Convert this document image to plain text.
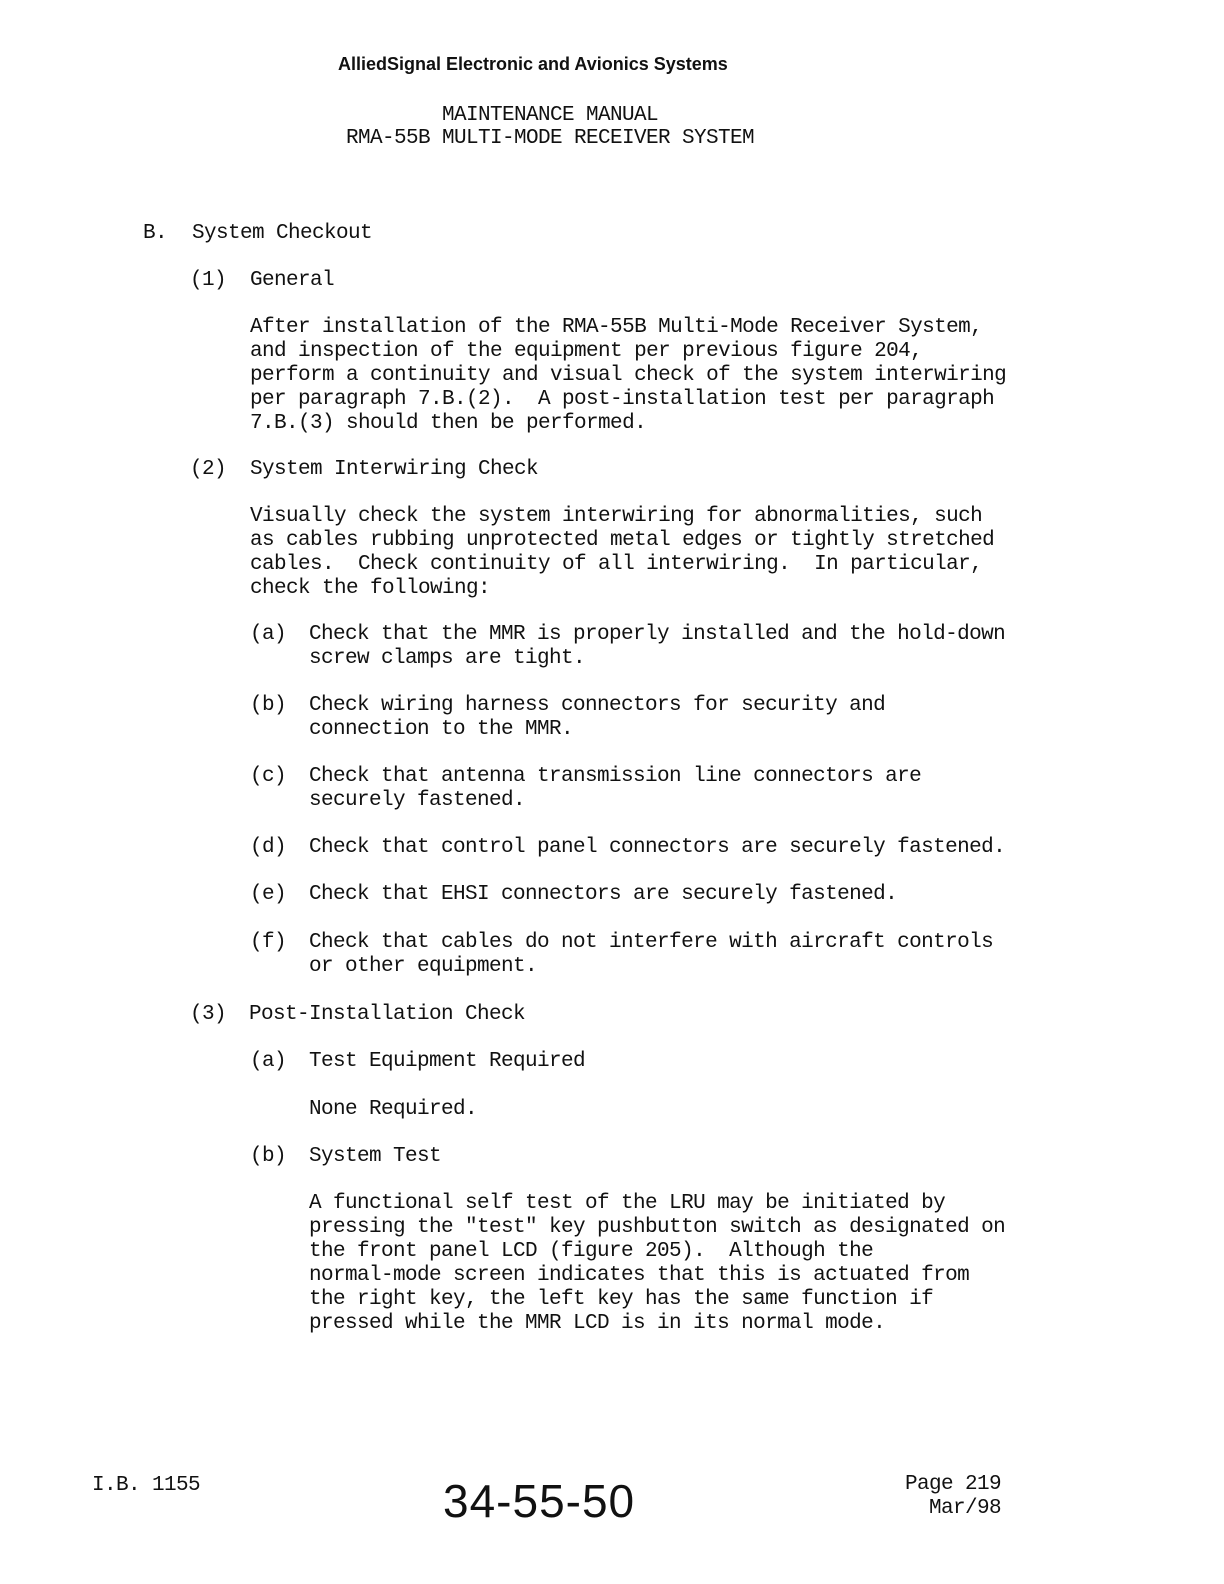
AlliedSignal Electronic and Avionics Systems
MAINTENANCE MANUAL
RMA-55B MULTI-MODE RECEIVER SYSTEM
B. System Checkout
(1) General
After installation of the RMA-55B Multi-Mode Receiver System,
and inspection of the equipment per previous figure 204,
perform a continuity and visual check of the system interwiring
per paragraph 7.B.(2).  A post-installation test per paragraph
7.B.(3) should then be performed.
(2) System Interwiring Check
Visually check the system interwiring for abnormalities, such
as cables rubbing unprotected metal edges or tightly stretched
cables.  Check continuity of all interwiring.  In particular,
check the following:
(a) Check that the MMR is properly installed and the hold-down
screw clamps are tight.
(b) Check wiring harness connectors for security and
connection to the MMR.
(c) Check that antenna transmission line connectors are
securely fastened.
(d) Check that control panel connectors are securely fastened.
(e) Check that EHSI connectors are securely fastened.
(f) Check that cables do not interfere with aircraft controls
or other equipment.
(3) Post-Installation Check
(a) Test Equipment Required
None Required.
(b) System Test
A functional self test of the LRU may be initiated by
pressing the "test" key pushbutton switch as designated on
the front panel LCD (figure 205).  Although the
normal-mode screen indicates that this is actuated from
the right key, the left key has the same function if
pressed while the MMR LCD is in its normal mode.
I.B. 1155	34-55-50	Page 219
Mar/98
